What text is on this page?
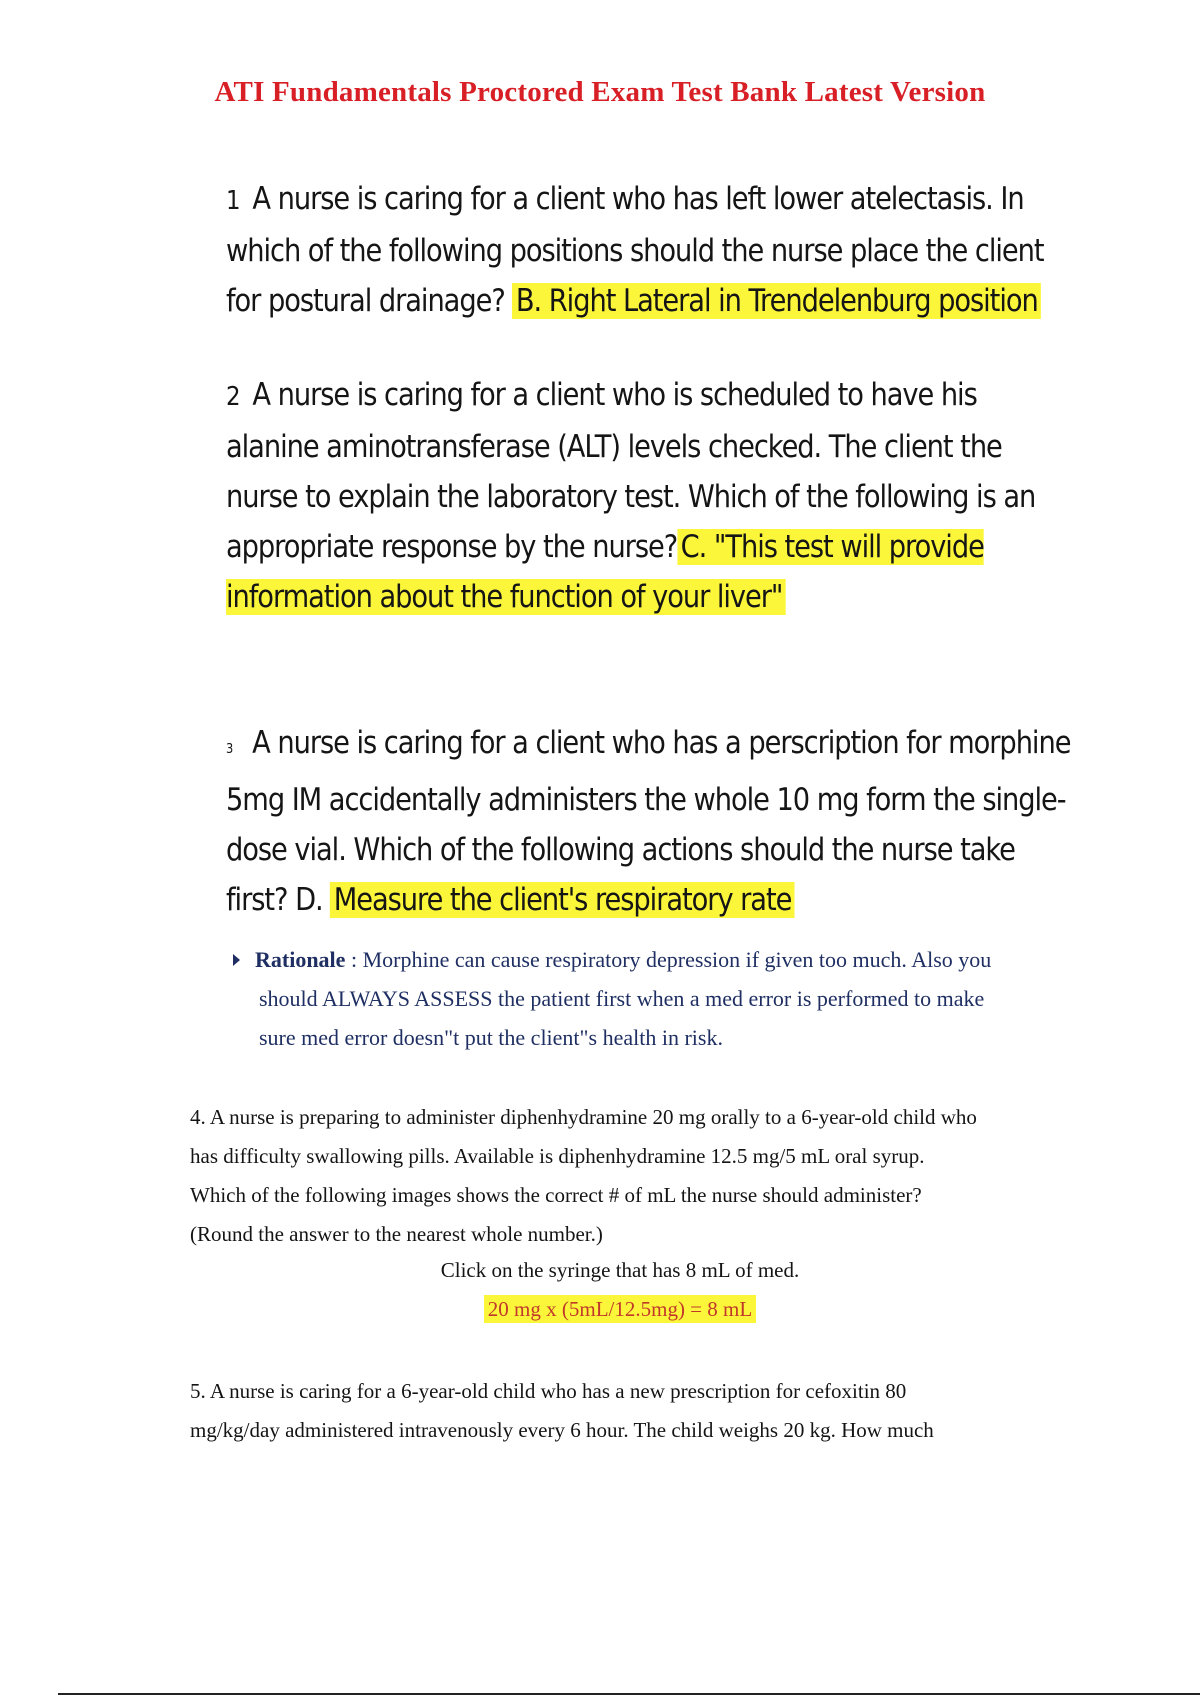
ATI Fundamentals Proctored Exam Test Bank Latest Version
1 A nurse is caring for a client who has left lower atelectasis. In which of the following positions should the nurse place the client for postural drainage? B. Right Lateral in Trendelenburg position
2 A nurse is caring for a client who is scheduled to have his alanine aminotransferase (ALT) levels checked. The client the nurse to explain the laboratory test. Which of the following is an appropriate response by the nurse? C. "This test will provide information about the function of your liver"
3 A nurse is caring for a client who has a perscription for morphine 5mg IM accidentally administers the whole 10 mg form the single-dose vial. Which of the following actions should the nurse take first? D. Measure the client's respiratory rate
Rationale : Morphine can cause respiratory depression if given too much. Also you
should ALWAYS ASSESS the patient first when a med error is performed to make
sure med error doesn"t put the client"s health in risk.
4. A nurse is preparing to administer diphenhydramine 20 mg orally to a 6-year-old child who
has difficulty swallowing pills. Available is diphenhydramine 12.5 mg/5 mL oral syrup.
Which of the following images shows the correct # of mL the nurse should administer?
(Round the answer to the nearest whole number.)
Click on the syringe that has 8 mL of med.
20 mg x (5mL/12.5mg) = 8 mL
5. A nurse is caring for a 6-year-old child who has a new prescription for cefoxitin 80
mg/kg/day administered intravenously every 6 hour. The child weighs 20 kg. How much
